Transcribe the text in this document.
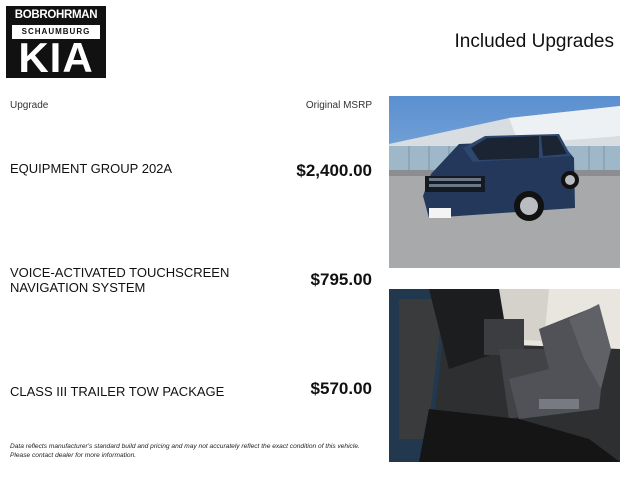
BOBROHRMAN
SCHAUMBURG
KIA	Included Upgrades
Upgrade	Original MSRP
EQUIPMENT GROUP 202A	$2,400.00
VOICE-ACTIVATED TOUCHSCREEN NAVIGATION SYSTEM	$795.00
CLASS III TRAILER TOW PACKAGE	$570.00
Data reflects manufacturer's standard build and pricing and may not accurately reflect the exact condition of this vehicle. Please contact dealer for more information.
